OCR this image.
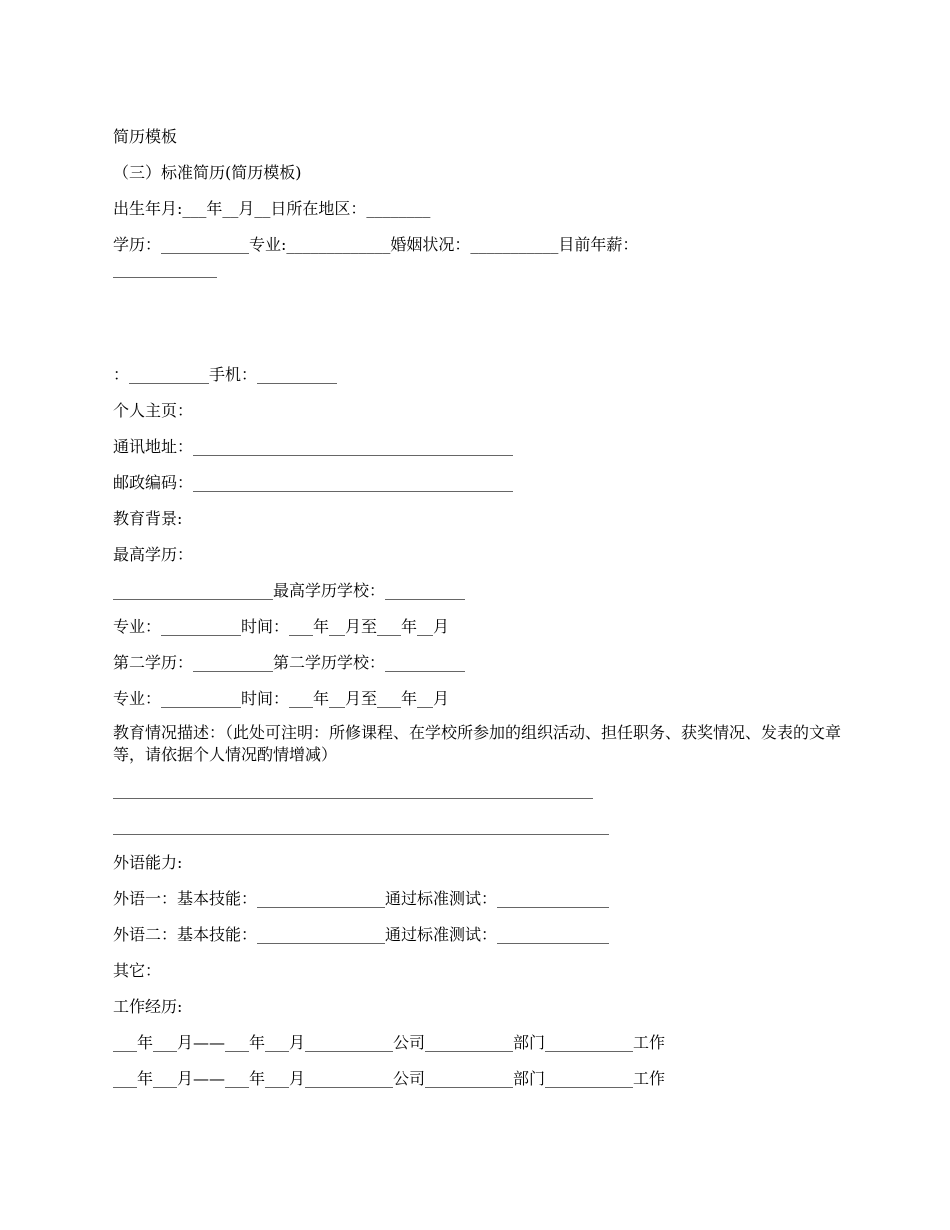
简历模板

（三）标准简历(简历模板)

出生年月:___年__月__日所在地区：________

学历：___________专业:_____________婚姻状况：___________目前年薪：

_____________

：__________手机：__________

个人主页：

通讯地址：________________________________________

邮政编码：________________________________________

教育背景:

最高学历：

____________________最高学历学校：__________

专业：__________时间：___年__月至___年__月

第二学历：__________第二学历学校：__________

专业：__________时间：___年__月至___年__月

教育情况描述：（此处可注明：所修课程、在学校所参加的组织活动、担任职务、获奖情况、发表的文章等，请依据个人情况酌情增减）

____________________________________________________________

______________________________________________________________

外语能力:

外语一：基本技能：________________通过标准测试：______________

外语二：基本技能：________________通过标准测试：______________

其它：

工作经历:

___年___月——___年___月___________公司___________部门___________工作

___年___月——___年___月___________公司___________部门___________工作
